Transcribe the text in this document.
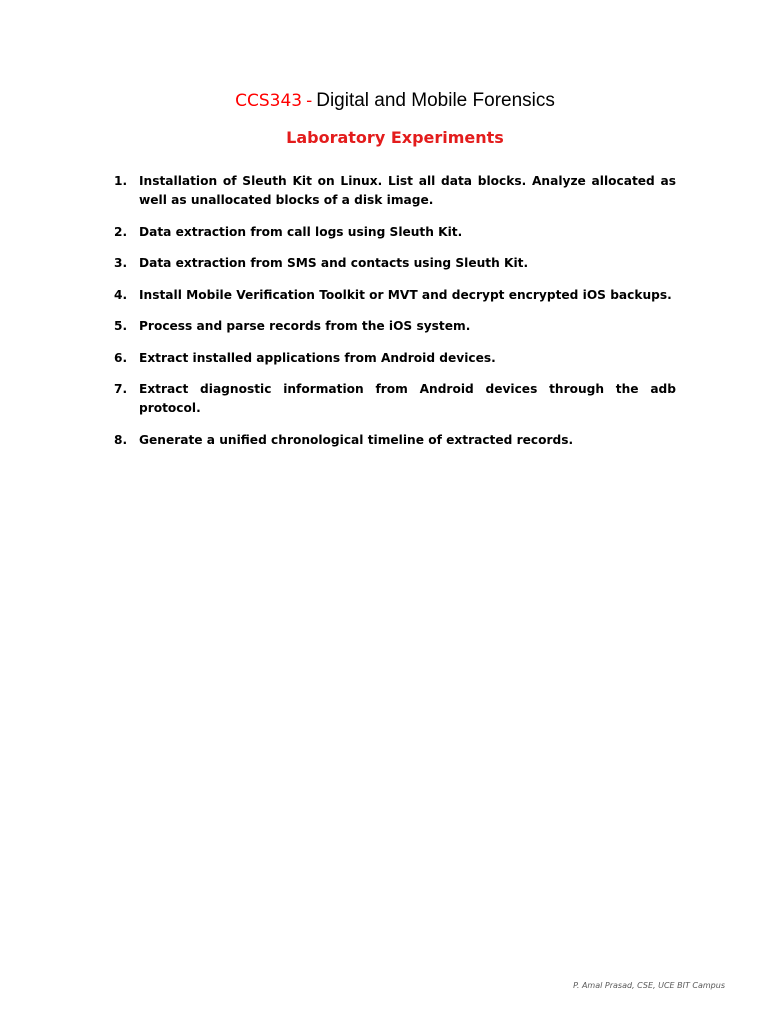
CCS343 - Digital and Mobile Forensics
Laboratory Experiments
1. Installation of Sleuth Kit on Linux. List all data blocks. Analyze allocated as well as unallocated blocks of a disk image.
2. Data extraction from call logs using Sleuth Kit.
3. Data extraction from SMS and contacts using Sleuth Kit.
4. Install Mobile Verification Toolkit or MVT and decrypt encrypted iOS backups.
5. Process and parse records from the iOS system.
6. Extract installed applications from Android devices.
7. Extract diagnostic information from Android devices through the adb protocol.
8. Generate a unified chronological timeline of extracted records.
P. Amal Prasad, CSE, UCE BIT Campus
